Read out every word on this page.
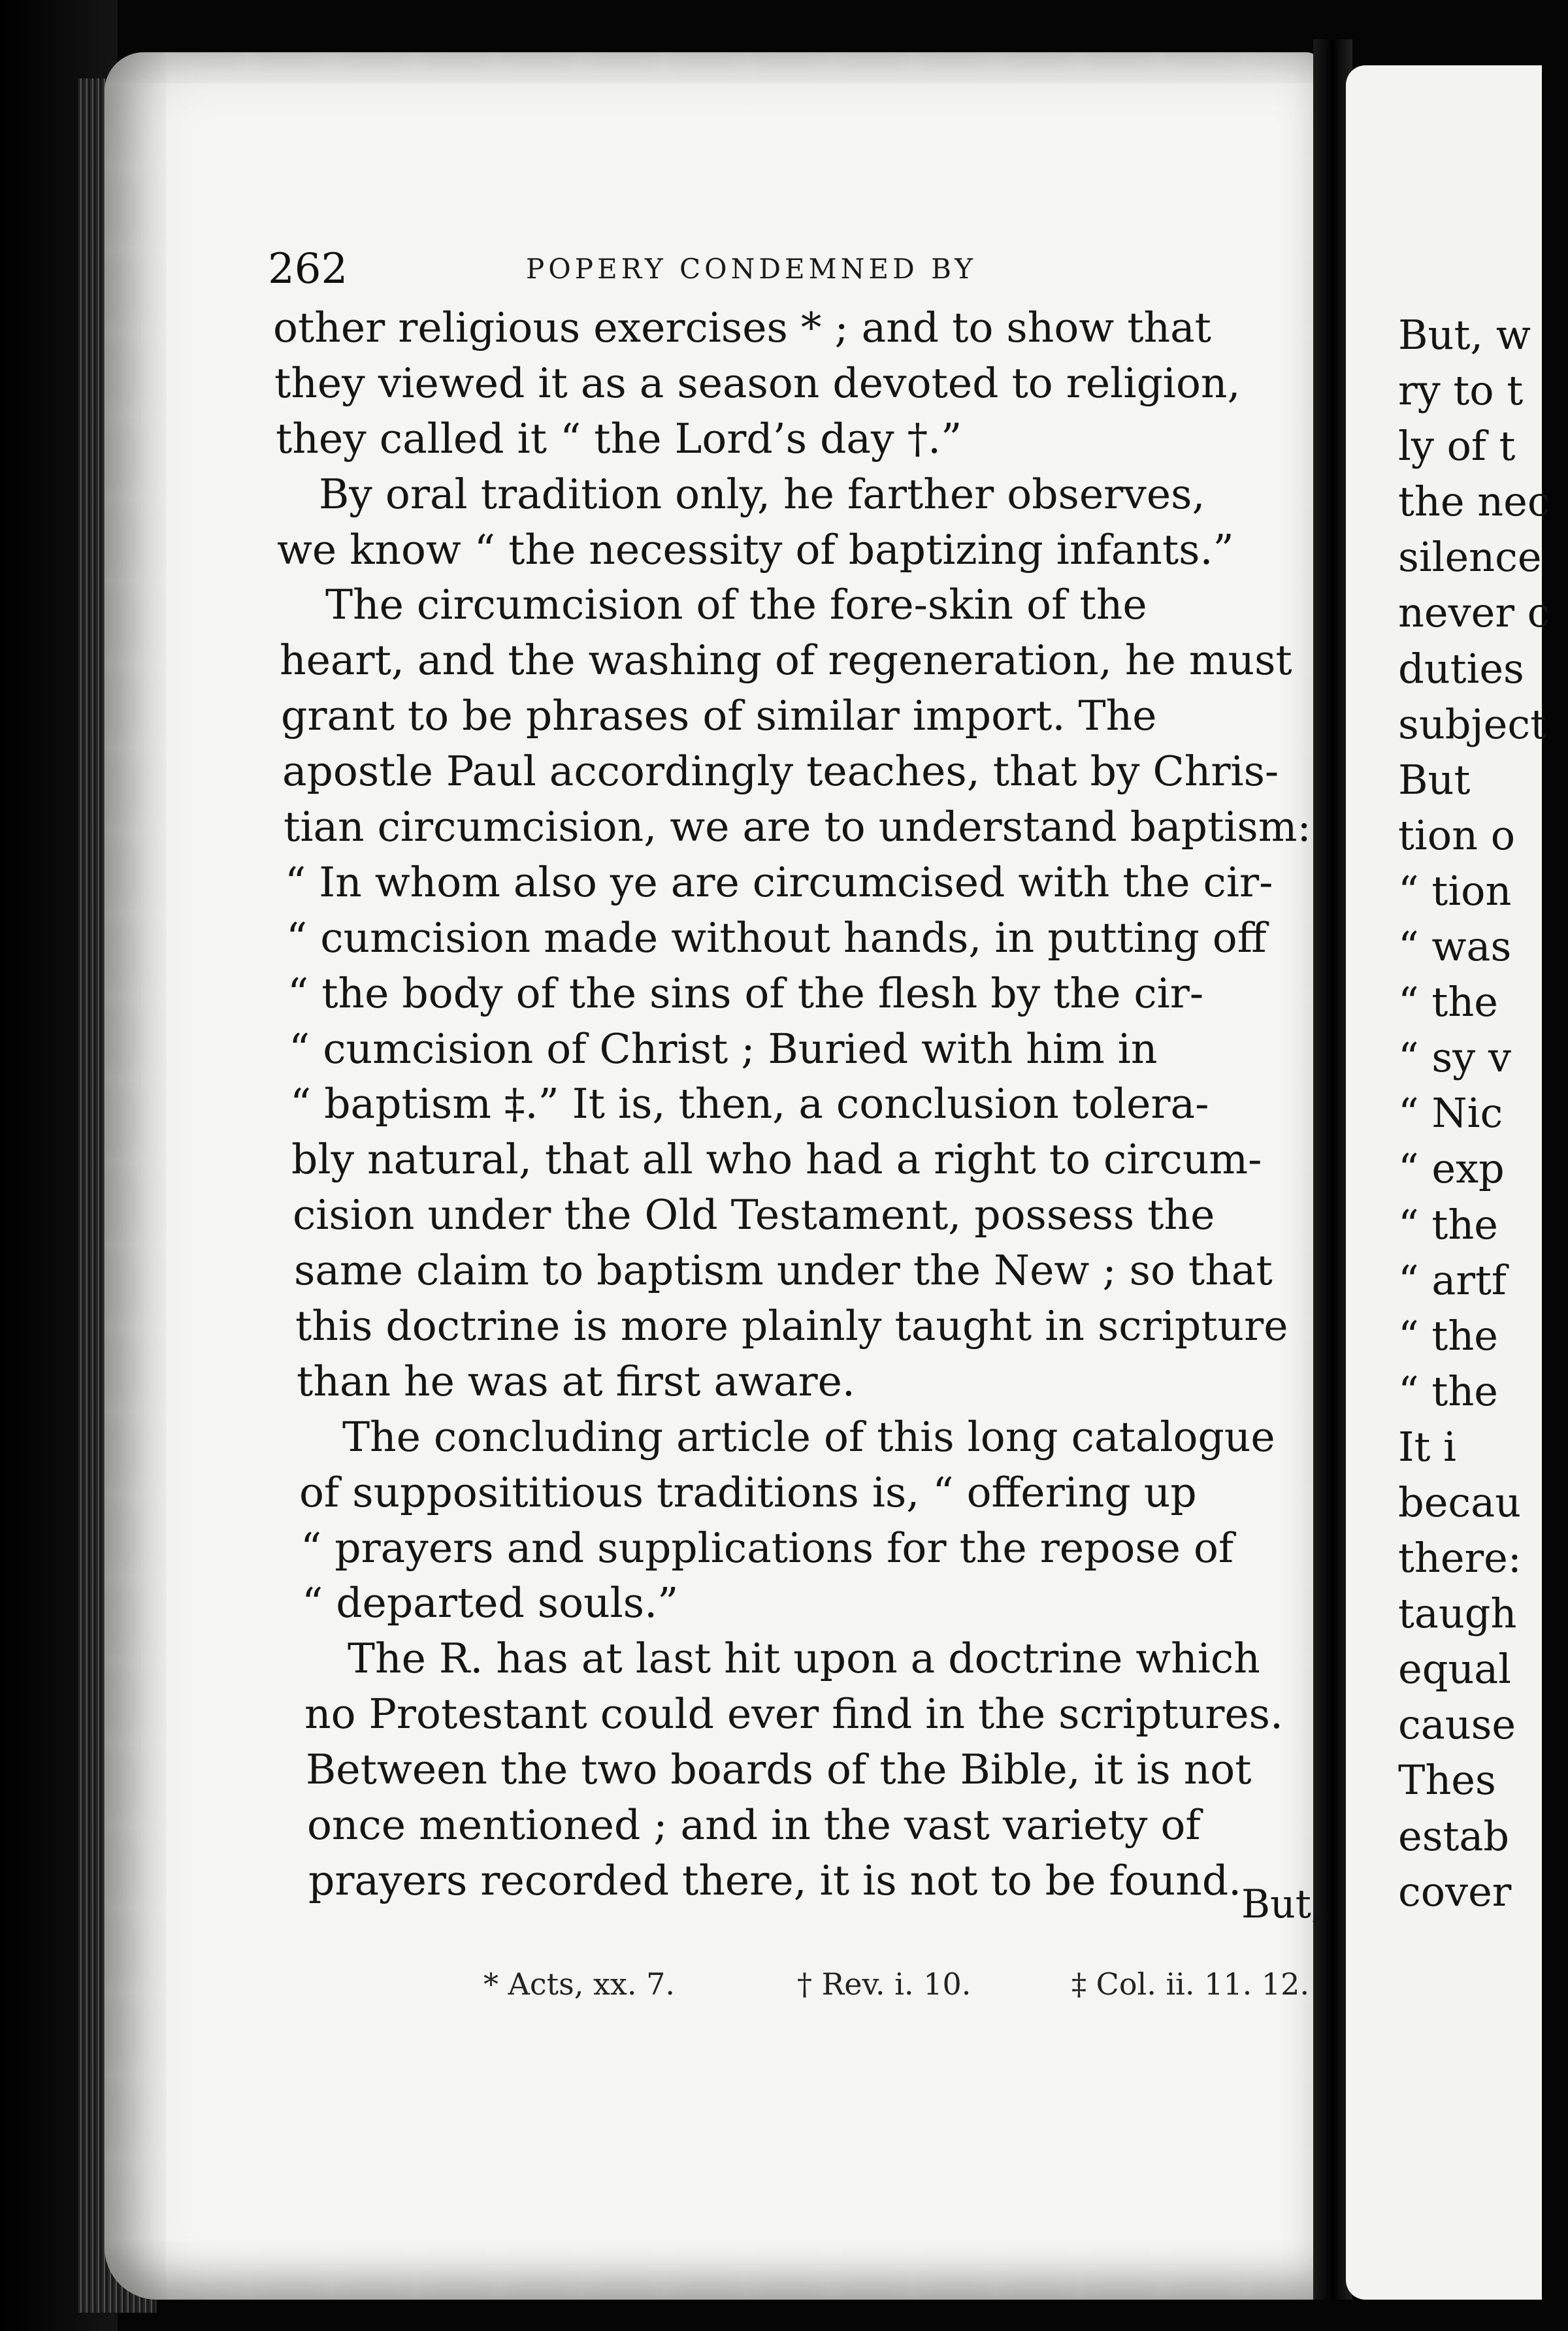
262	POPERY CONDEMNED BY
other religious exercises * ; and to show that
they viewed it as a season devoted to religion,
they called it “ the Lord’s day †.”
By oral tradition only, he farther observes,
we know “ the necessity of baptizing infants.”
The circumcision of the fore-skin of the
heart, and the washing of regeneration, he must
grant to be phrases of similar import. The
apostle Paul accordingly teaches, that by Chris-
tian circumcision, we are to understand baptism:
“ In whom also ye are circumcised with the cir-
“ cumcision made without hands, in putting off
“ the body of the sins of the flesh by the cir-
“ cumcision of Christ ; Buried with him in
“ baptism ‡.” It is, then, a conclusion tolera-
bly natural, that all who had a right to circum-
cision under the Old Testament, possess the
same claim to baptism under the New ; so that
this doctrine is more plainly taught in scripture
than he was at first aware.
The concluding article of this long catalogue
of supposititious traditions is, “ offering up
“ prayers and supplications for the repose of
“ departed souls.”
The R. has at last hit upon a doctrine which
no Protestant could ever find in the scriptures.
Between the two boards of the Bible, it is not
once mentioned ; and in the vast variety of
prayers recorded there, it is not to be found.
But,
* Acts, xx. 7.	† Rev. i. 10.	‡ Col. ii. 11. 12.
But, w
ry to t
ly of t
the nec
silence
never c
duties
subject
But
tion o
“ tion
“ was
“ the
“ sy v
“ Nic
“ exp
“ the
“ artf
“ the
“ the
It i
becau
there:
taugh
equal
cause
Thes
estab
cover
